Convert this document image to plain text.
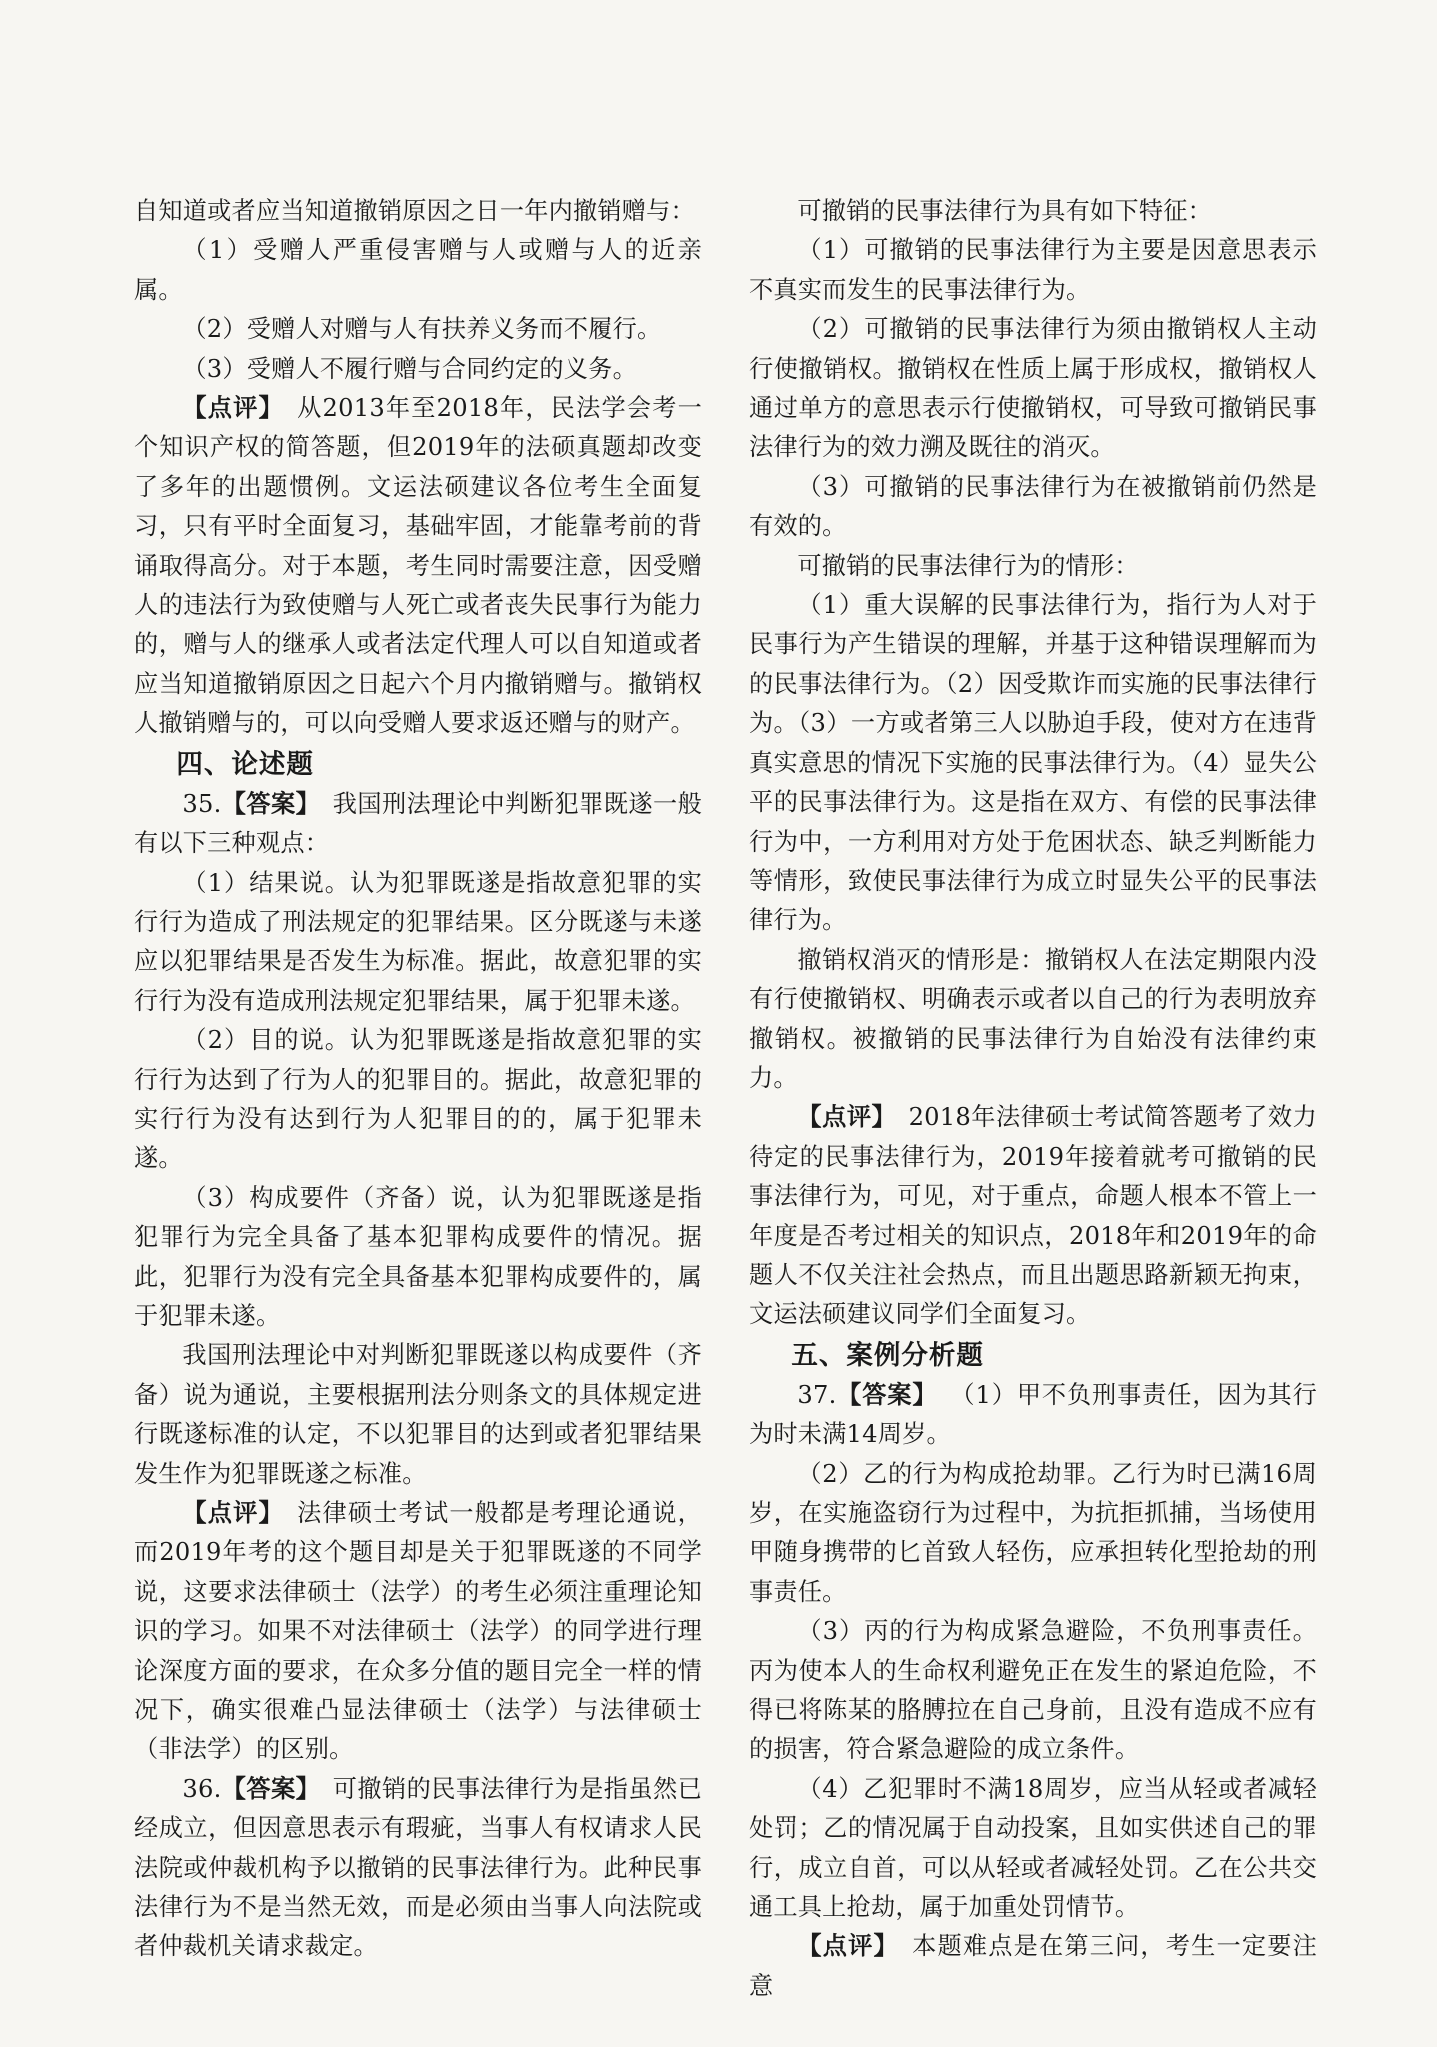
自知道或者应当知道撤销原因之日一年内撤销赠与：

（1）受赠人严重侵害赠与人或赠与人的近亲属。

（2）受赠人对赠与人有扶养义务而不履行。

（3）受赠人不履行赠与合同约定的义务。

【点评】  从2013年至2018年，民法学会考一个知识产权的简答题，但2019年的法硕真题却改变了多年的出题惯例。文运法硕建议各位考生全面复习，只有平时全面复习，基础牢固，才能靠考前的背诵取得高分。对于本题，考生同时需要注意，因受赠人的违法行为致使赠与人死亡或者丧失民事行为能力的，赠与人的继承人或者法定代理人可以自知道或者应当知道撤销原因之日起六个月内撤销赠与。撤销权人撤销赠与的，可以向受赠人要求返还赠与的财产。

四、论述题

35.【答案】  我国刑法理论中判断犯罪既遂一般有以下三种观点：

（1）结果说。认为犯罪既遂是指故意犯罪的实行行为造成了刑法规定的犯罪结果。区分既遂与未遂应以犯罪结果是否发生为标准。据此，故意犯罪的实行行为没有造成刑法规定犯罪结果，属于犯罪未遂。

（2）目的说。认为犯罪既遂是指故意犯罪的实行行为达到了行为人的犯罪目的。据此，故意犯罪的实行行为没有达到行为人犯罪目的的，属于犯罪未遂。

（3）构成要件（齐备）说，认为犯罪既遂是指犯罪行为完全具备了基本犯罪构成要件的情况。据此，犯罪行为没有完全具备基本犯罪构成要件的，属于犯罪未遂。

我国刑法理论中对判断犯罪既遂以构成要件（齐备）说为通说，主要根据刑法分则条文的具体规定进行既遂标准的认定，不以犯罪目的达到或者犯罪结果发生作为犯罪既遂之标准。

【点评】  法律硕士考试一般都是考理论通说，而2019年考的这个题目却是关于犯罪既遂的不同学说，这要求法律硕士（法学）的考生必须注重理论知识的学习。如果不对法律硕士（法学）的同学进行理论深度方面的要求，在众多分值的题目完全一样的情况下，确实很难凸显法律硕士（法学）与法律硕士（非法学）的区别。

36.【答案】  可撤销的民事法律行为是指虽然已经成立，但因意思表示有瑕疵，当事人有权请求人民法院或仲裁机构予以撤销的民事法律行为。此种民事法律行为不是当然无效，而是必须由当事人向法院或者仲裁机关请求裁定。

可撤销的民事法律行为具有如下特征：

（1）可撤销的民事法律行为主要是因意思表示不真实而发生的民事法律行为。

（2）可撤销的民事法律行为须由撤销权人主动行使撤销权。撤销权在性质上属于形成权，撤销权人通过单方的意思表示行使撤销权，可导致可撤销民事法律行为的效力溯及既往的消灭。

（3）可撤销的民事法律行为在被撤销前仍然是有效的。

可撤销的民事法律行为的情形：

（1）重大误解的民事法律行为，指行为人对于民事行为产生错误的理解，并基于这种错误理解而为的民事法律行为。（2）因受欺诈而实施的民事法律行为。（3）一方或者第三人以胁迫手段，使对方在违背真实意思的情况下实施的民事法律行为。（4）显失公平的民事法律行为。这是指在双方、有偿的民事法律行为中，一方利用对方处于危困状态、缺乏判断能力等情形，致使民事法律行为成立时显失公平的民事法律行为。

撤销权消灭的情形是：撤销权人在法定期限内没有行使撤销权、明确表示或者以自己的行为表明放弃撤销权。被撤销的民事法律行为自始没有法律约束力。

【点评】  2018年法律硕士考试简答题考了效力待定的民事法律行为，2019年接着就考可撤销的民事法律行为，可见，对于重点，命题人根本不管上一年度是否考过相关的知识点，2018年和2019年的命题人不仅关注社会热点，而且出题思路新颖无拘束，文运法硕建议同学们全面复习。

五、案例分析题

37.【答案】  （1）甲不负刑事责任，因为其行为时未满14周岁。

（2）乙的行为构成抢劫罪。乙行为时已满16周岁，在实施盗窃行为过程中，为抗拒抓捕，当场使用甲随身携带的匕首致人轻伤，应承担转化型抢劫的刑事责任。

（3）丙的行为构成紧急避险，不负刑事责任。丙为使本人的生命权利避免正在发生的紧迫危险，不得已将陈某的胳膊拉在自己身前，且没有造成不应有的损害，符合紧急避险的成立条件。

（4）乙犯罪时不满18周岁，应当从轻或者减轻处罚；乙的情况属于自动投案，且如实供述自己的罪行，成立自首，可以从轻或者减轻处罚。乙在公共交通工具上抢劫，属于加重处罚情节。

【点评】  本题难点是在第三问，考生一定要注意
